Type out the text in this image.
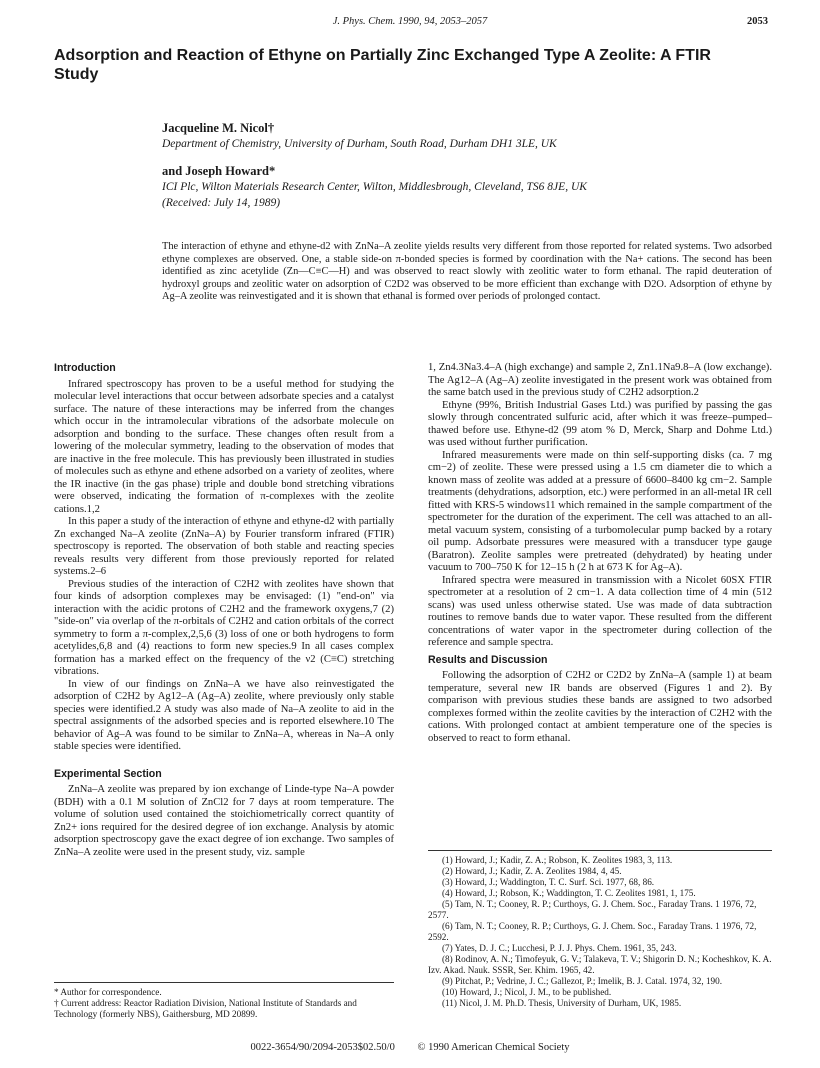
J. Phys. Chem. 1990, 94, 2053–2057	2053
Adsorption and Reaction of Ethyne on Partially Zinc Exchanged Type A Zeolite: A FTIR Study
Jacqueline M. Nicol†
Department of Chemistry, University of Durham, South Road, Durham DH1 3LE, UK
and Joseph Howard*
ICI Plc, Wilton Materials Research Center, Wilton, Middlesbrough, Cleveland, TS6 8JE, UK
(Received: July 14, 1989)
The interaction of ethyne and ethyne-d2 with ZnNa–A zeolite yields results very different from those reported for related systems. Two adsorbed ethyne complexes are observed. One, a stable side-on π-bonded species is formed by coordination with the Na+ cations. The second has been identified as zinc acetylide (Zn—C≡C—H) and was observed to react slowly with zeolitic water to form ethanal. The rapid deuteration of hydroxyl groups and zeolitic water on adsorption of C2D2 was observed to be more efficient than exchange with D2O. Adsorption of ethyne by Ag–A zeolite was reinvestigated and it is shown that ethanal is formed over periods of prolonged contact.
Introduction

Infrared spectroscopy has proven to be a useful method for studying the molecular level interactions that occur between adsorbate species and a catalyst surface. The nature of these interactions may be inferred from the changes which occur in the intramolecular vibrations of the adsorbate molecule on adsorption and bonding to the surface. These changes often result from a lowering of the molecular symmetry, leading to the observation of modes that are inactive in the free molecule. This has previously been illustrated in studies of molecules such as ethyne and ethene adsorbed on a variety of zeolites, where the IR inactive (in the gas phase) triple and double bond stretching vibrations were observed, indicating the formation of π-complexes with the zeolite cations.1,2

In this paper a study of the interaction of ethyne and ethyne-d2 with partially Zn exchanged Na–A zeolite (ZnNa–A) by Fourier transform infrared (FTIR) spectroscopy is reported. The observation of both stable and reacting species reveals results very different from those previously reported for related systems.2–6

Previous studies of the interaction of C2H2 with zeolites have shown that four kinds of adsorption complexes may be envisaged: (1) "end-on" via interaction with the acidic protons of C2H2 and the framework oxygens,7 (2) "side-on" via overlap of the π-orbitals of C2H2 and cation orbitals of the correct symmetry to form a π-complex,2,5,6 (3) loss of one or both hydrogens to form acetylides,6,8 and (4) reactions to form new species.9 In all cases complex formation has a marked effect on the frequency of the ν2 (C≡C) stretching vibrations.

In view of our findings on ZnNa–A we have also reinvestigated the adsorption of C2H2 by Ag12–A (Ag–A) zeolite, where previously only stable species were identified.2 A study was also made of Na–A zeolite to aid in the spectral assignments of the adsorbed species and is reported elsewhere.10 The behavior of Ag–A was found to be similar to ZnNa–A, whereas in Na–A only stable species were identified.

Experimental Section

ZnNa–A zeolite was prepared by ion exchange of Linde-type Na–A powder (BDH) with a 0.1 M solution of ZnCl2 for 7 days at room temperature. The volume of solution used contained the stoichiometrically correct quantity of Zn2+ ions required for the desired degree of ion exchange. Analysis by atomic adsorption spectroscopy gave the exact degree of ion exchange. Two samples of ZnNa–A zeolite were used in the present study, viz. sample

1, Zn4.3Na3.4–A (high exchange) and sample 2, Zn1.1Na9.8–A (low exchange). The Ag12–A (Ag–A) zeolite investigated in the present work was obtained from the same batch used in the previous study of C2H2 adsorption.2

Ethyne (99%, British Industrial Gases Ltd.) was purified by passing the gas slowly through concentrated sulfuric acid, after which it was freeze–pumped–thawed before use. Ethyne-d2 (99 atom % D, Merck, Sharp and Dohme Ltd.) was used without further purification.

Infrared measurements were made on thin self-supporting disks (ca. 7 mg cm−2) of zeolite. These were pressed using a 1.5 cm diameter die to which a known mass of zeolite was added at a pressure of 6600–8400 kg cm−2. Sample treatments (dehydrations, adsorption, etc.) were performed in an all-metal IR cell fitted with KRS-5 windows11 which remained in the sample compartment of the spectrometer for the duration of the experiment. The cell was attached to an all-metal vacuum system, consisting of a turbomolecular pump backed by a rotary oil pump. Adsorbate pressures were measured with a transducer type gauge (Baratron). Zeolite samples were pretreated (dehydrated) by heating under vacuum to 700–750 K for 12–15 h (2 h at 673 K for Ag–A).

Infrared spectra were measured in transmission with a Nicolet 60SX FTIR spectrometer at a resolution of 2 cm−1. A data collection time of 4 min (512 scans) was used unless otherwise stated. Use was made of data subtraction routines to remove bands due to water vapor. These resulted from the different concentrations of water vapor in the spectrometer during collection of the reference and sample spectra.

Results and Discussion

Following the adsorption of C2H2 or C2D2 by ZnNa–A (sample 1) at beam temperature, several new IR bands are observed (Figures 1 and 2). By comparison with previous studies these bands are assigned to two adsorbed complexes formed within the zeolite cavities by the interaction of C2H2 with the cations. With prolonged contact at ambient temperature one of the species is observed to react to form ethanal.

(1) Howard, J.; Kadir, Z. A.; Robson, K. Zeolites 1983, 3, 113.
(2) Howard, J.; Kadir, Z. A. Zeolites 1984, 4, 45.
(3) Howard, J.; Waddington, T. C. Surf. Sci. 1977, 68, 86.
(4) Howard, J.; Robson, K.; Waddington, T. C. Zeolites 1981, 1, 175.
(5) Tam, N. T.; Cooney, R. P.; Curthoys, G. J. Chem. Soc., Faraday Trans. 1 1976, 72, 2577.
(6) Tam, N. T.; Cooney, R. P.; Curthoys, G. J. Chem. Soc., Faraday Trans. 1 1976, 72, 2592.
(7) Yates, D. J. C.; Lucchesi, P. J. J. Phys. Chem. 1961, 35, 243.
(8) Rodinov, A. N.; Timofeyuk, G. V.; Talakeva, T. V.; Shigorin D. N.; Kocheshkov, K. A. Izv. Akad. Nauk. SSSR, Ser. Khim. 1965, 42.
(9) Pitchat, P.; Vedrine, J. C.; Gallezot, P.; Imelik, B. J. Catal. 1974, 32, 190.
(10) Howard, J.; Nicol, J. M., to be published.
(11) Nicol, J. M. Ph.D. Thesis, University of Durham, UK, 1985.
* Author for correspondence.
† Current address: Reactor Radiation Division, National Institute of Standards and Technology (formerly NBS), Gaithersburg, MD 20899.
0022-3654/90/2094-2053$02.50/0 © 1990 American Chemical Society
